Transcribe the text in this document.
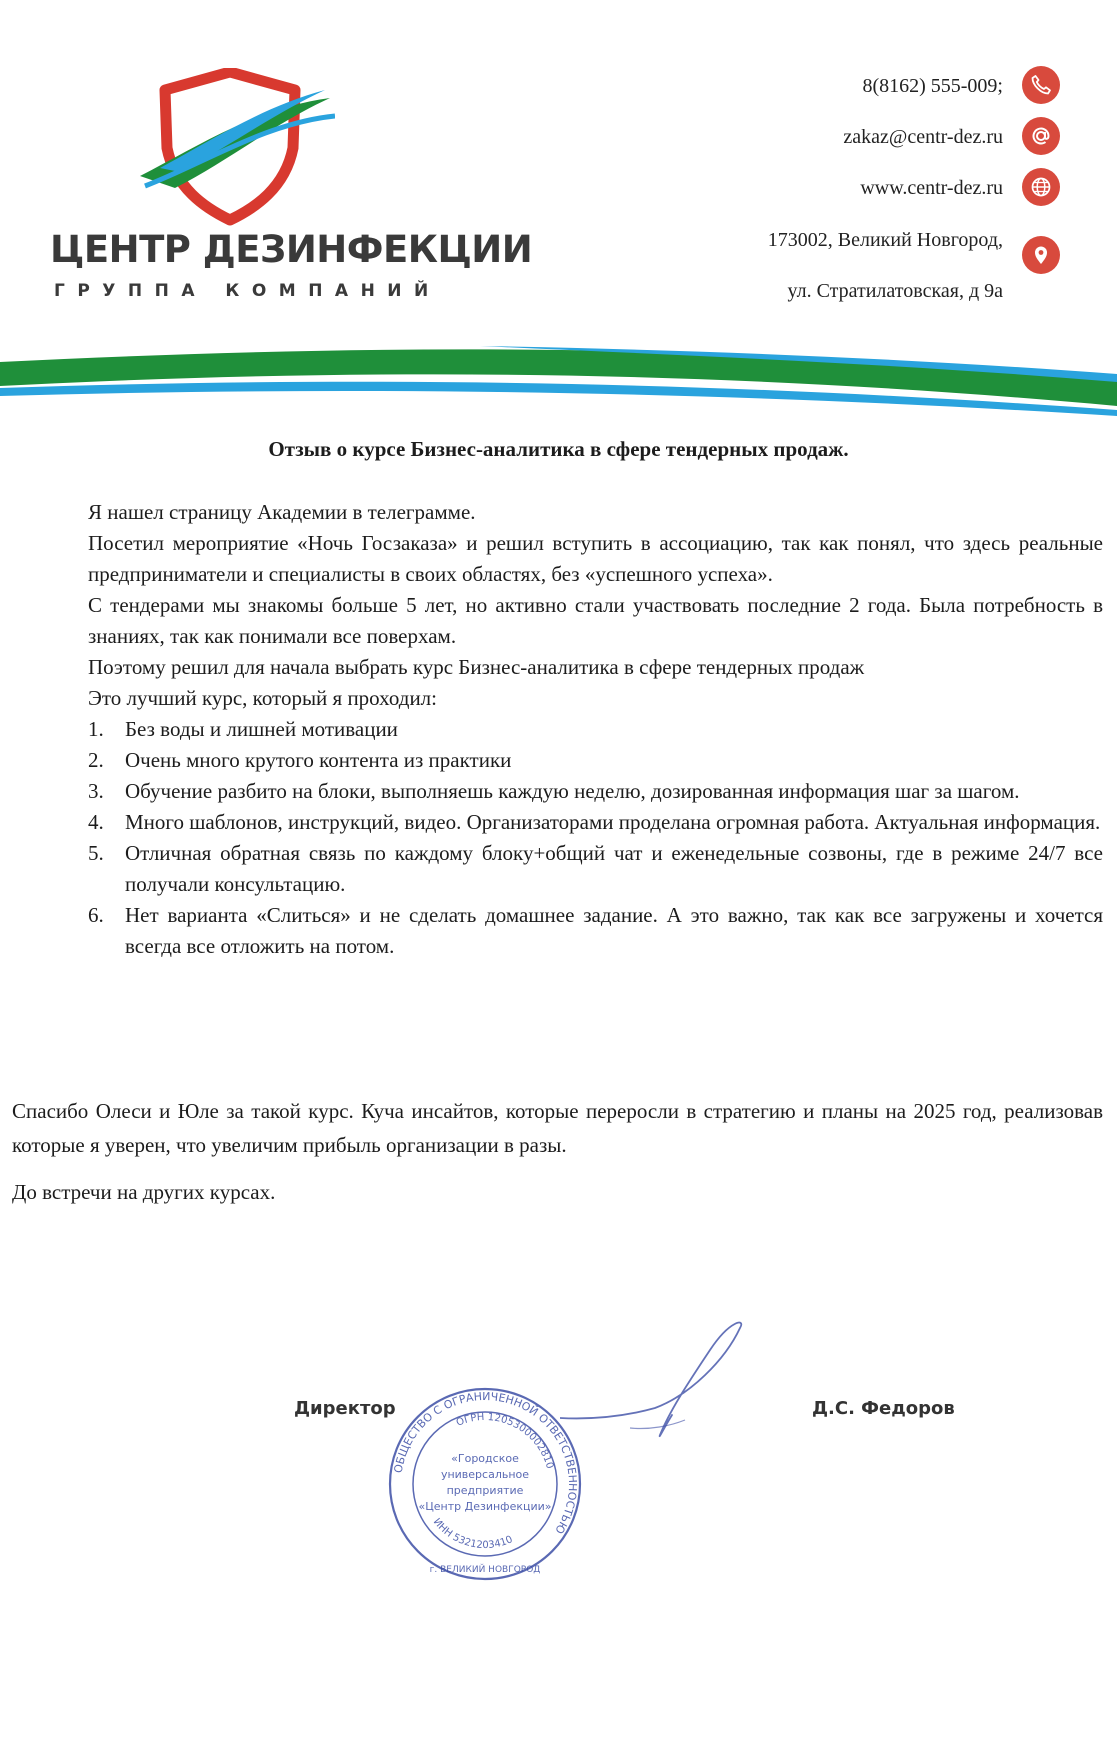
ЦЕНТР ДЕЗИНФЕКЦИИ
ГРУППА КОМПАНИЙ
8(8162) 555-009;
zakaz@centr-dez.ru
www.centr-dez.ru
173002, Великий Новгород,
ул. Стратилатовская, д 9а
Отзыв о курсе Бизнес-аналитика в сфере тендерных продаж.

Я нашел страницу Академии в телеграмме.

Посетил мероприятие «Ночь Госзаказа» и решил вступить в ассоциацию, так как понял, что здесь реальные предприниматели и специалисты в своих областях, без «успешного успеха».

С тендерами мы знакомы больше 5 лет, но активно стали участвовать последние 2 года. Была потребность в знаниях, так как понимали все поверхам.

Поэтому решил для начала выбрать курс Бизнес-аналитика в сфере тендерных продаж

Это лучший курс, который я проходил:

1. Без воды и лишней мотивации
2. Очень много крутого контента из практики
3. Обучение разбито на блоки, выполняешь каждую неделю, дозированная информация шаг за шагом.
4. Много шаблонов, инструкций, видео. Организаторами проделана огромная работа. Актуальная информация.
5. Отличная обратная связь по каждому блоку+общий чат и еженедельные созвоны, где в режиме 24/7 все получали консультацию.
6. Нет варианта «Слиться» и не сделать домашнее задание. А это важно, так как все загружены и хочется всегда все отложить на потом.
Спасибо Олеси и Юле за такой курс. Куча инсайтов, которые переросли в стратегию и планы на 2025 год, реализовав которые я уверен, что увеличим прибыль организации в разы.
До встречи на других курсах.
Директор	Д.С. Федоров
ОБЩЕСТВО С ОГРАНИЧЕННОЙ ОТВЕТСТВЕННОСТЬЮ
ОГРН 1205300002810
ИНН 5321203410
г. ВЕЛИКИЙ НОВГОРОД
«Городское
универсальное
предприятие
«Центр Дезинфекции»
